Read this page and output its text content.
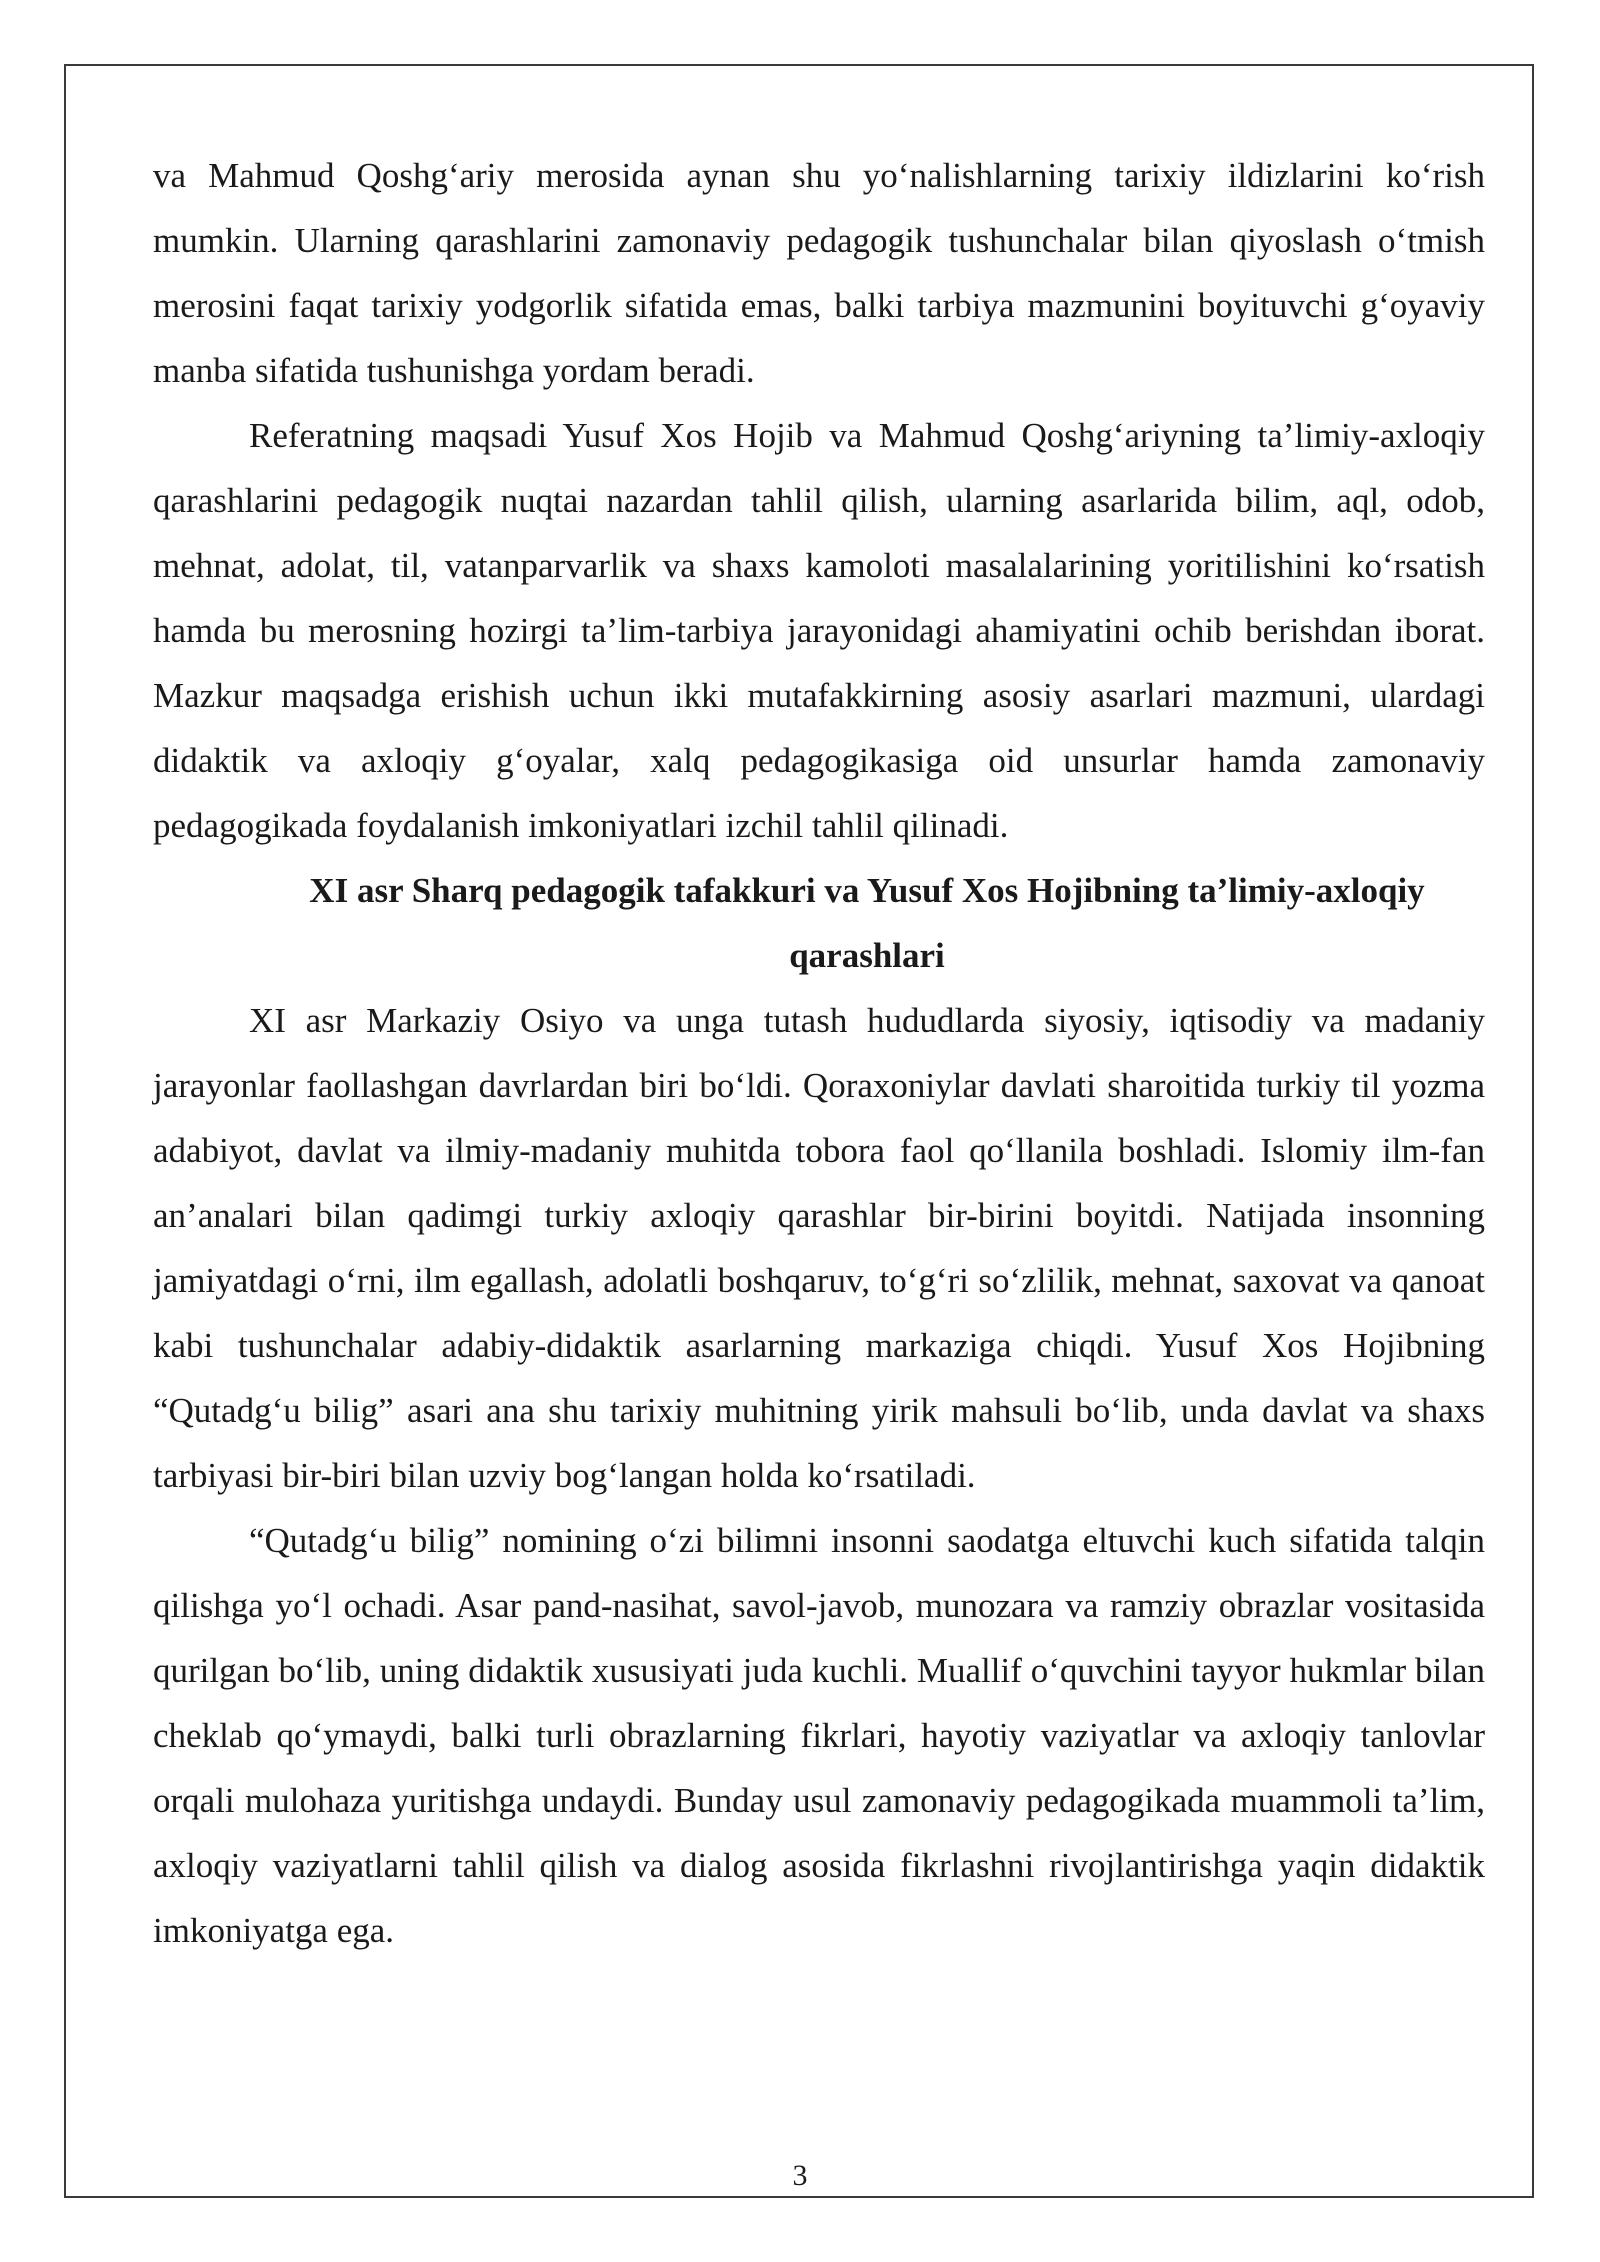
va Mahmud Qoshg‘ariy merosida aynan shu yo‘nalishlarning tarixiy ildizlarini ko‘rish mumkin. Ularning qarashlarini zamonaviy pedagogik tushunchalar bilan qiyoslash o‘tmish merosini faqat tarixiy yodgorlik sifatida emas, balki tarbiya mazmunini boyituvchi g‘oyaviy manba sifatida tushunishga yordam beradi.

Referatning maqsadi Yusuf Xos Hojib va Mahmud Qoshg‘ariyning ta’limiy-axloqiy qarashlarini pedagogik nuqtai nazardan tahlil qilish, ularning asarlarida bilim, aql, odob, mehnat, adolat, til, vatanparvarlik va shaxs kamoloti masalalarining yoritilishini ko‘rsatish hamda bu merosning hozirgi ta’lim-tarbiya jarayonidagi ahamiyatini ochib berishdan iborat. Mazkur maqsadga erishish uchun ikki mutafakkirning asosiy asarlari mazmuni, ulardagi didaktik va axloqiy g‘oyalar, xalq pedagogikasiga oid unsurlar hamda zamonaviy pedagogikada foydalanish imkoniyatlari izchil tahlil qilinadi.

XI asr Sharq pedagogik tafakkuri va Yusuf Xos Hojibning ta’limiy-axloqiy qarashlari

XI asr Markaziy Osiyo va unga tutash hududlarda siyosiy, iqtisodiy va madaniy jarayonlar faollashgan davrlardan biri bo‘ldi. Qoraxoniylar davlati sharoitida turkiy til yozma adabiyot, davlat va ilmiy-madaniy muhitda tobora faol qo‘llanila boshladi. Islomiy ilm-fan an’analari bilan qadimgi turkiy axloqiy qarashlar bir-birini boyitdi. Natijada insonning jamiyatdagi o‘rni, ilm egallash, adolatli boshqaruv, to‘g‘ri so‘zlilik, mehnat, saxovat va qanoat kabi tushunchalar adabiy-didaktik asarlarning markaziga chiqdi. Yusuf Xos Hojibning “Qutadg‘u bilig” asari ana shu tarixiy muhitning yirik mahsuli bo‘lib, unda davlat va shaxs tarbiyasi bir-biri bilan uzviy bog‘langan holda ko‘rsatiladi.

“Qutadg‘u bilig” nomining o‘zi bilimni insonni saodatga eltuvchi kuch sifatida talqin qilishga yo‘l ochadi. Asar pand-nasihat, savol-javob, munozara va ramziy obrazlar vositasida qurilgan bo‘lib, uning didaktik xususiyati juda kuchli. Muallif o‘quvchini tayyor hukmlar bilan cheklab qo‘ymaydi, balki turli obrazlarning fikrlari, hayotiy vaziyatlar va axloqiy tanlovlar orqali mulohaza yuritishga undaydi. Bunday usul zamonaviy pedagogikada muammoli ta’lim, axloqiy vaziyatlarni tahlil qilish va dialog asosida fikrlashni rivojlantirishga yaqin didaktik imkoniyatga ega.

3
